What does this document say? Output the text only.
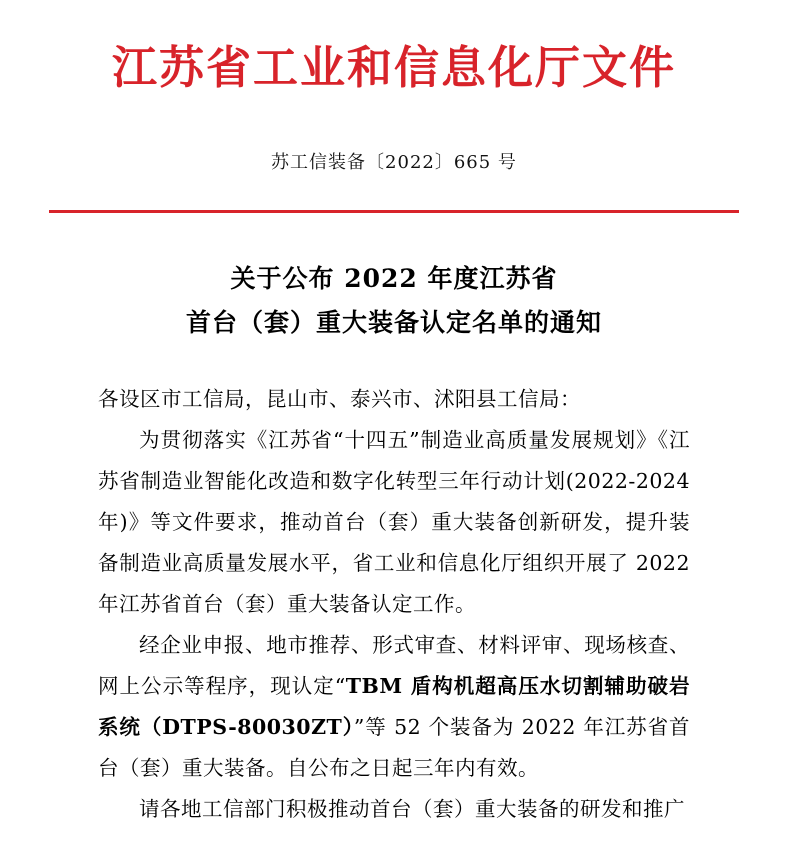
江苏省工业和信息化厅文件
苏工信装备〔2022〕665 号
关于公布 2022 年度江苏省
首台（套）重大装备认定名单的通知

各设区市工信局，昆山市、泰兴市、沭阳县工信局：

为贯彻落实《江苏省“十四五”制造业高质量发展规划》《江苏省制造业智能化改造和数字化转型三年行动计划(2022-2024 年)》等文件要求，推动首台（套）重大装备创新研发，提升装备制造业高质量发展水平，省工业和信息化厅组织开展了 2022 年江苏省首台（套）重大装备认定工作。

经企业申报、地市推荐、形式审查、材料评审、现场核查、网上公示等程序，现认定“TBM 盾构机超高压水切割辅助破岩系统（DTPS-80030ZT）”等 52 个装备为 2022 年江苏省首台（套）重大装备。自公布之日起三年内有效。

请各地工信部门积极推动首台（套）重大装备的研发和推广
